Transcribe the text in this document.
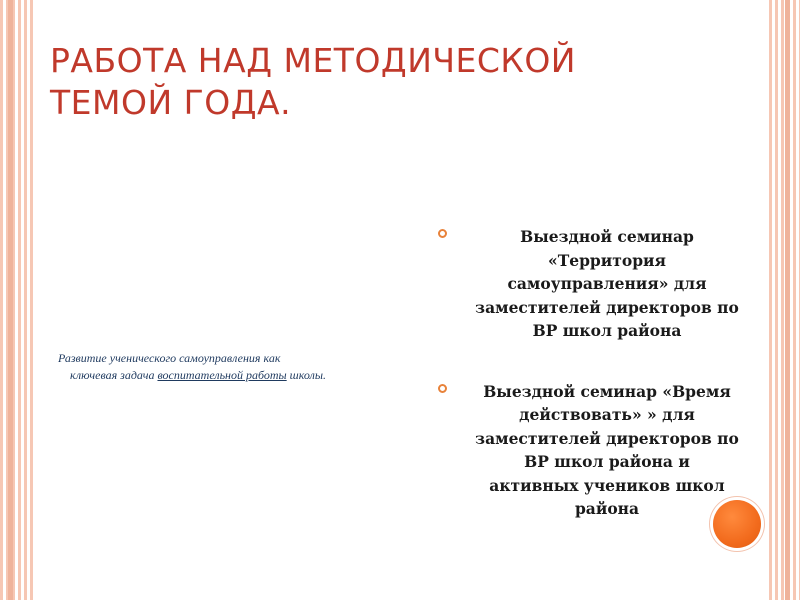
РАБОТА НАД МЕТОДИЧЕСКОЙ
ТЕМОЙ ГОДА.
Развитие ученического самоуправления как
ключевая задача воспитательной работы школы.
Выездной семинар
«Территория
самоуправления» для
заместителей директоров по
ВР школ района
Выездной семинар «Время
действовать» » для
заместителей директоров по
ВР школ района и
активных учеников школ
района
